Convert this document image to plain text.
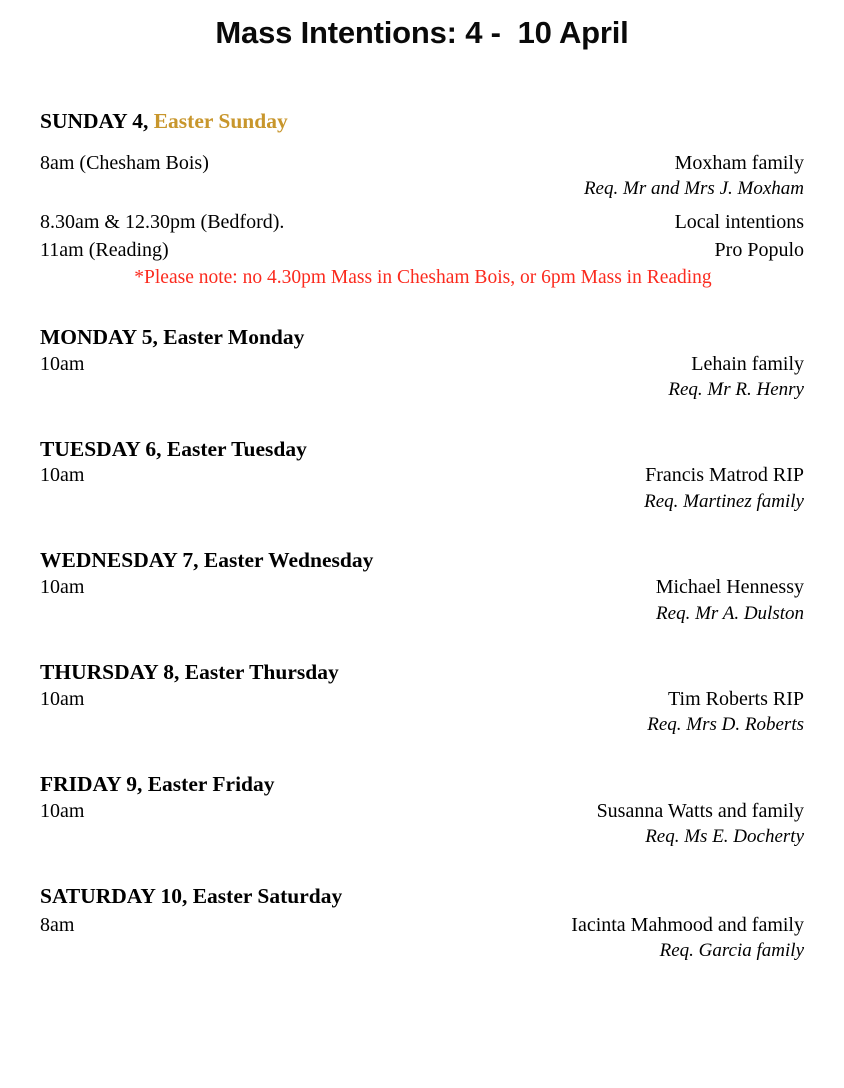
Mass Intentions: 4 -  10 April
SUNDAY 4, Easter Sunday
8am (Chesham Bois)	Moxham family
Req. Mr and Mrs J. Moxham
8.30am & 12.30pm (Bedford).	Local intentions
11am (Reading)	Pro Populo
*Please note: no 4.30pm Mass in Chesham Bois, or 6pm Mass in Reading
MONDAY 5, Easter Monday
10am	Lehain family
Req. Mr R. Henry
TUESDAY 6, Easter Tuesday
10am	Francis Matrod RIP
Req. Martinez family
WEDNESDAY 7, Easter Wednesday
10am	Michael Hennessy
Req. Mr A. Dulston
THURSDAY 8, Easter Thursday
10am	Tim Roberts RIP
Req. Mrs D. Roberts
FRIDAY 9, Easter Friday
10am	Susanna Watts and family
Req. Ms E. Docherty
SATURDAY 10, Easter Saturday
8am	Iacinta Mahmood and family
Req. Garcia family
